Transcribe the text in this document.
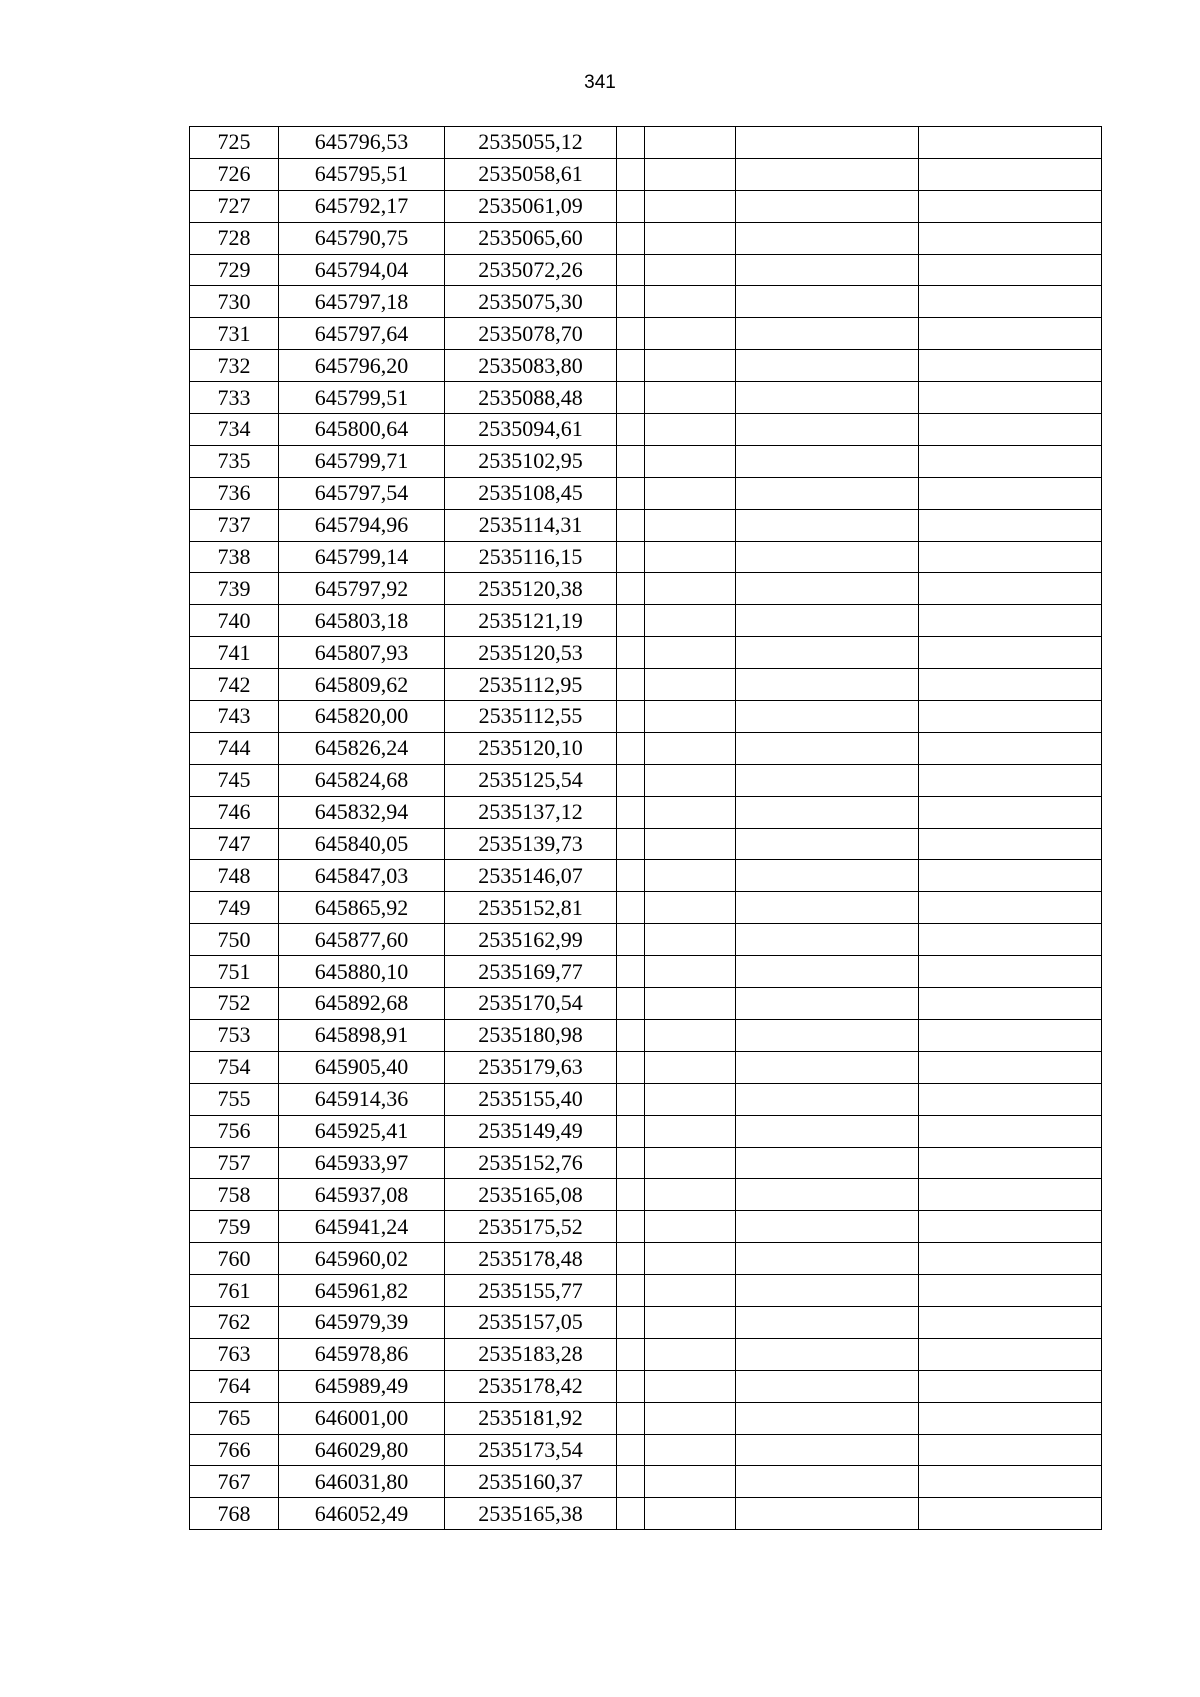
341
725	645796,53	2535055,12				
726	645795,51	2535058,61				
727	645792,17	2535061,09				
728	645790,75	2535065,60				
729	645794,04	2535072,26				
730	645797,18	2535075,30				
731	645797,64	2535078,70				
732	645796,20	2535083,80				
733	645799,51	2535088,48				
734	645800,64	2535094,61				
735	645799,71	2535102,95				
736	645797,54	2535108,45				
737	645794,96	2535114,31				
738	645799,14	2535116,15				
739	645797,92	2535120,38				
740	645803,18	2535121,19				
741	645807,93	2535120,53				
742	645809,62	2535112,95				
743	645820,00	2535112,55				
744	645826,24	2535120,10				
745	645824,68	2535125,54				
746	645832,94	2535137,12				
747	645840,05	2535139,73				
748	645847,03	2535146,07				
749	645865,92	2535152,81				
750	645877,60	2535162,99				
751	645880,10	2535169,77				
752	645892,68	2535170,54				
753	645898,91	2535180,98				
754	645905,40	2535179,63				
755	645914,36	2535155,40				
756	645925,41	2535149,49				
757	645933,97	2535152,76				
758	645937,08	2535165,08				
759	645941,24	2535175,52				
760	645960,02	2535178,48				
761	645961,82	2535155,77				
762	645979,39	2535157,05				
763	645978,86	2535183,28				
764	645989,49	2535178,42				
765	646001,00	2535181,92				
766	646029,80	2535173,54				
767	646031,80	2535160,37				
768	646052,49	2535165,38				
